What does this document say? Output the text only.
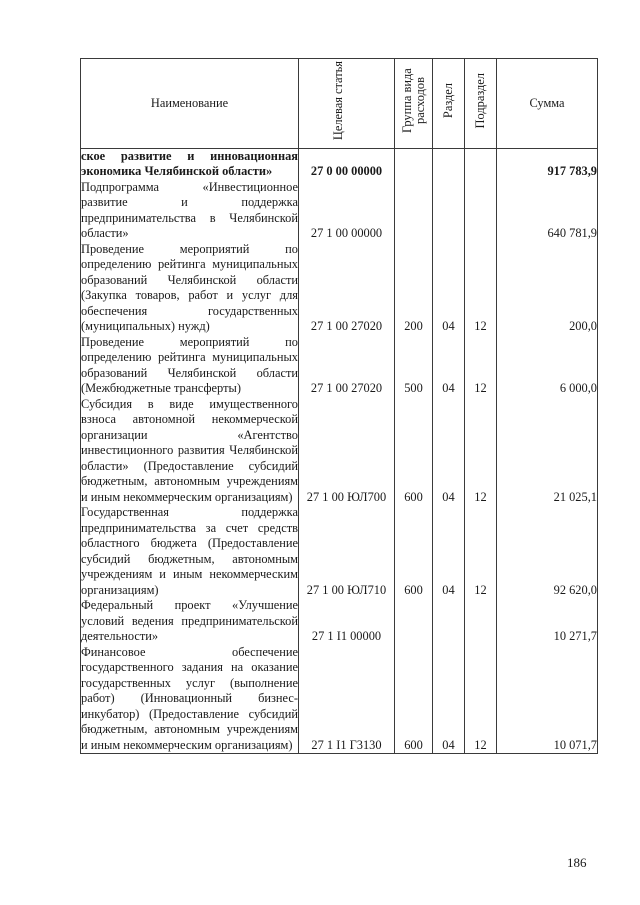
Наименование	Целевая статья	Группа вида расходов	Раздел	Подраздел	Сумма
ское развитие и инновационная экономика Челябинской области»	27 0 00 00000				917 783,9
Подпрограмма «Инвестиционное развитие и поддержка предпринимательства в Челябинской области»	27 1 00 00000				640 781,9
Проведение мероприятий по определению рейтинга муниципальных образований Челябинской области (Закупка товаров, работ и услуг для обеспечения государственных (муниципальных) нужд)	27 1 00 27020	200	04	12	200,0
Проведение мероприятий по определению рейтинга муниципальных образований Челябинской области (Межбюджетные трансферты)	27 1 00 27020	500	04	12	6 000,0
Субсидия в виде имущественного взноса автономной некоммерческой организации «Агентство инвестиционного развития Челябинской области» (Предоставление субсидий бюджетным, автономным учреждениям и иным некоммерческим организациям)	27 1 00 ЮЛ700	600	04	12	21 025,1
Государственная поддержка предпринимательства за счет средств областного бюджета (Предоставление субсидий бюджетным, автономным учреждениям и иным некоммерческим организациям)	27 1 00 ЮЛ710	600	04	12	92 620,0
Федеральный проект «Улучшение условий ведения предпринимательской деятельности»	27 1 I1 00000				10 271,7
Финансовое обеспечение государственного задания на оказание государственных услуг (выполнение работ) (Инновационный бизнес-инкубатор) (Предоставление субсидий бюджетным, автономным учреждениям и иным некоммерческим организациям)	27 1 I1 Г3130	600	04	12	10 071,7
186
